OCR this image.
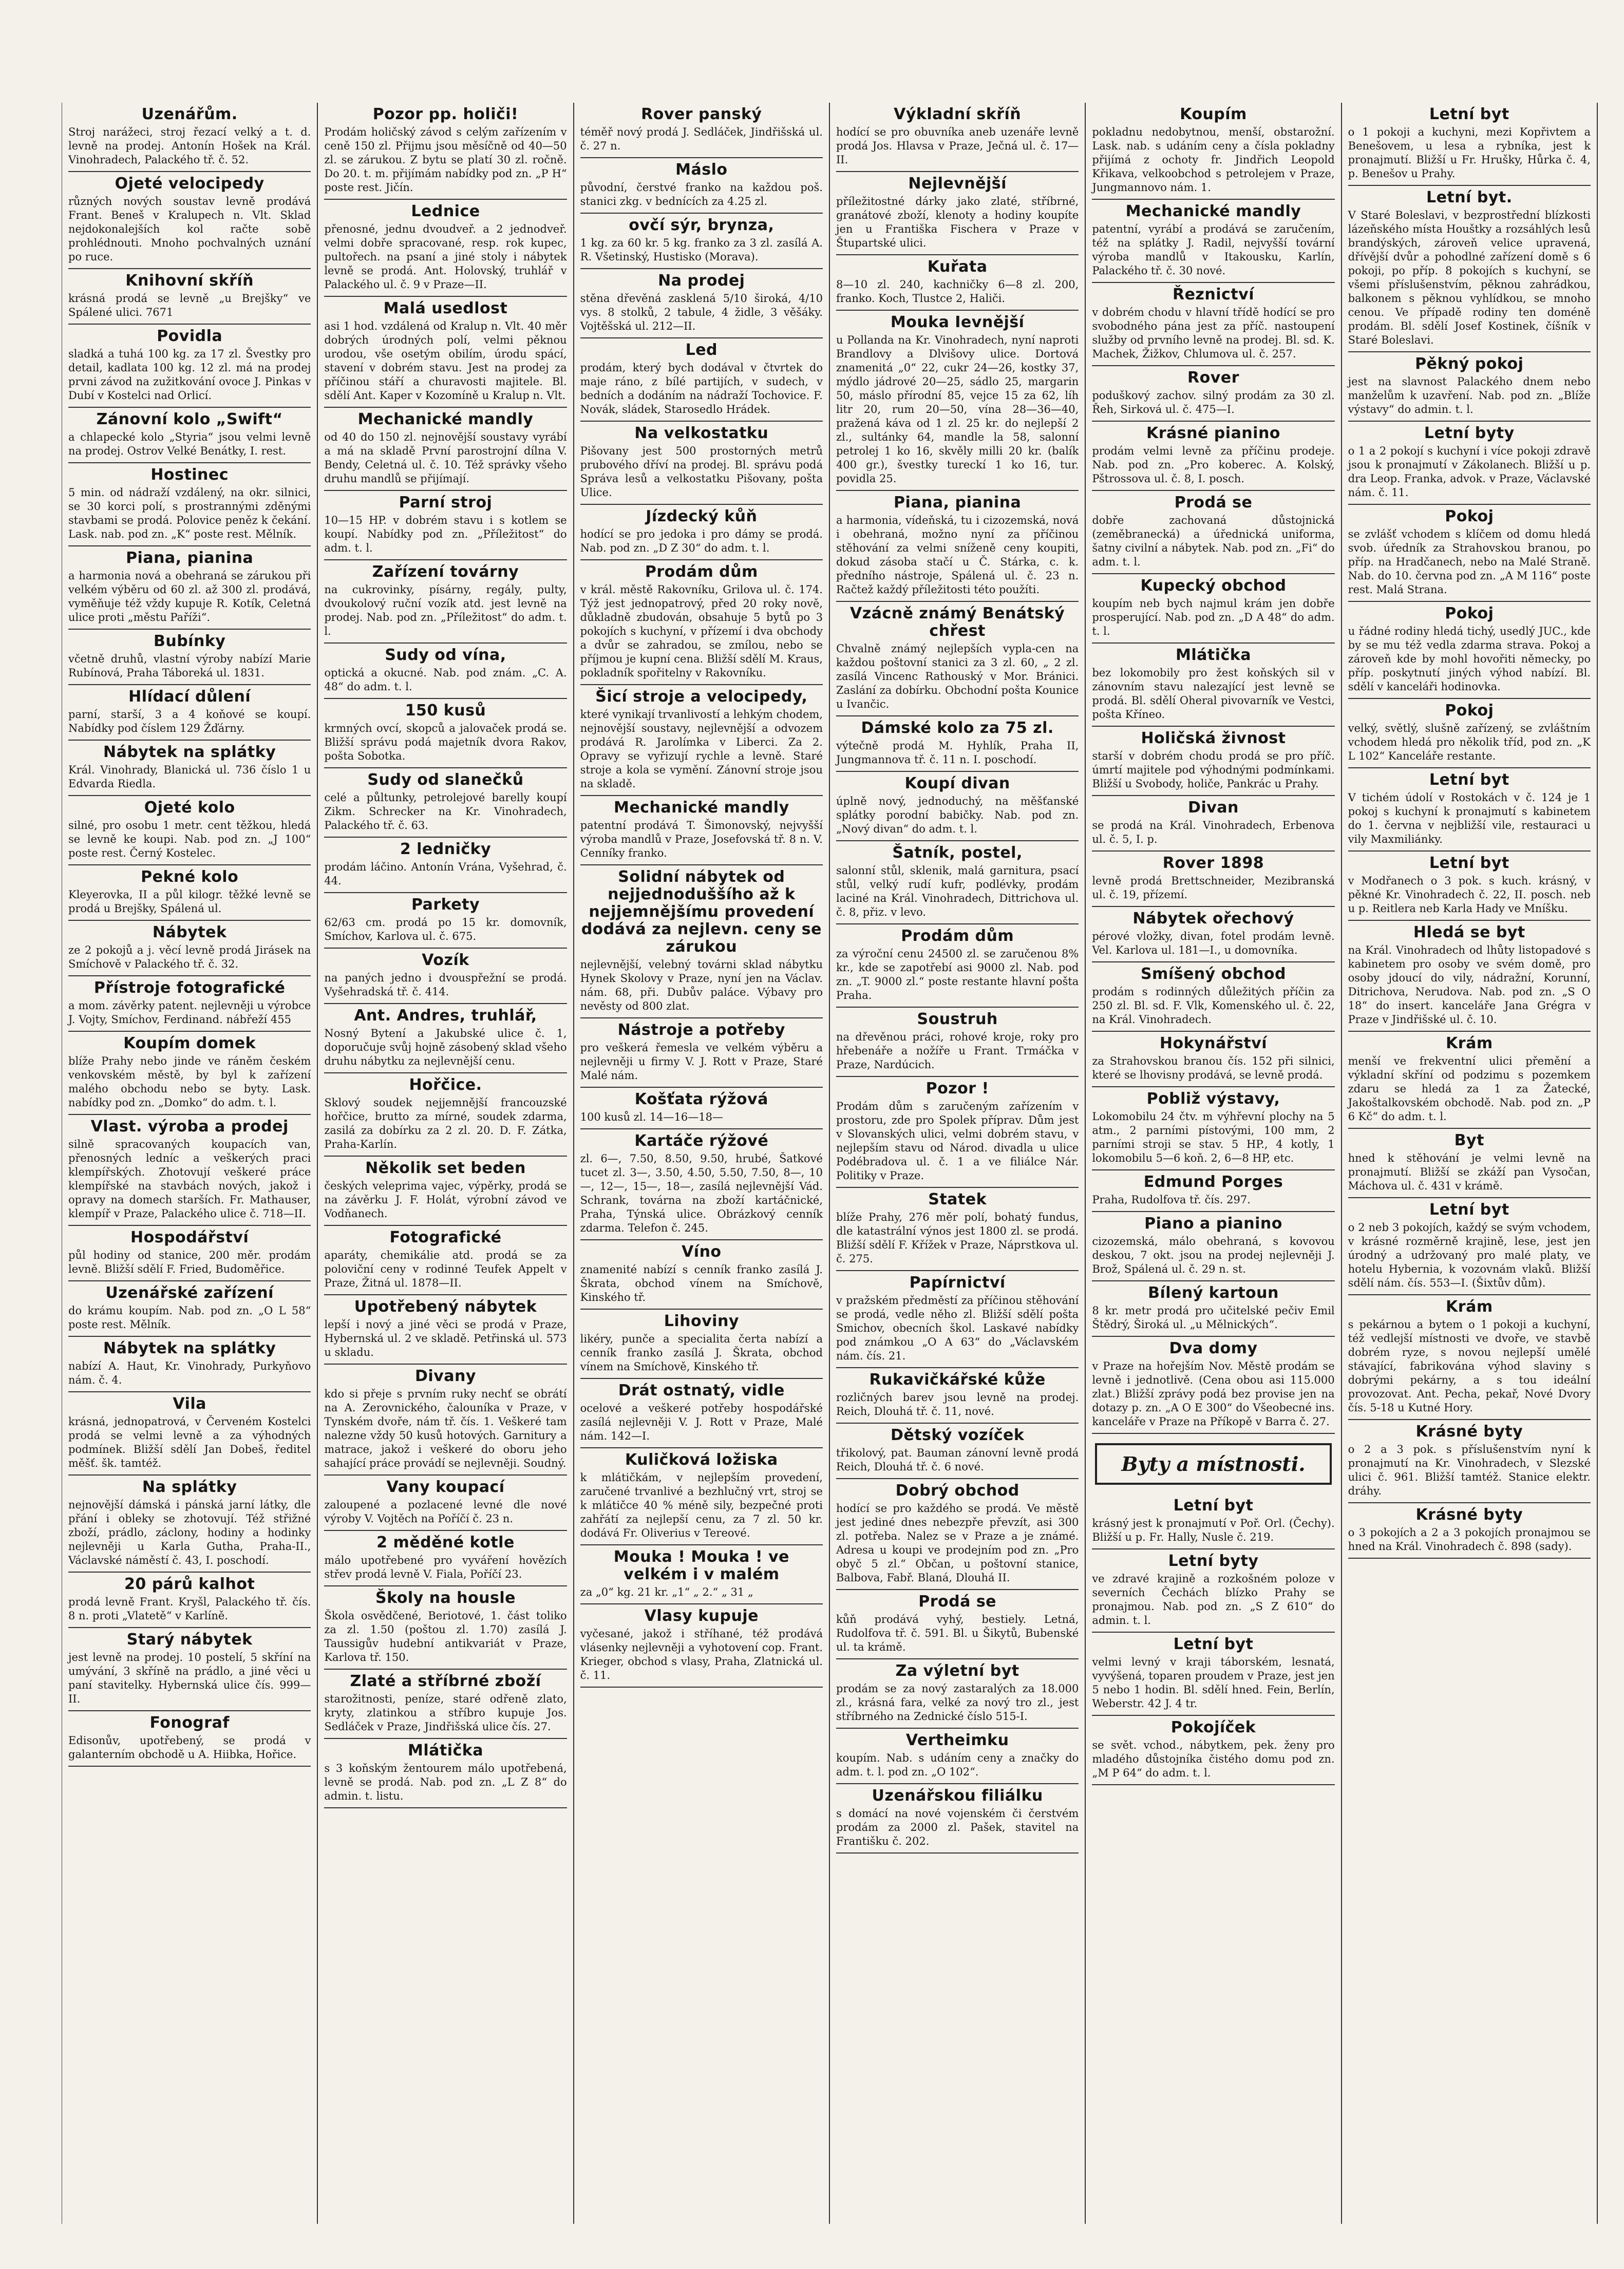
Uzenářům.

Stroj narážeci, stroj řezací velký a t. d. levně na prodej. Antonín Hošek na Král. Vinohradech, Palackého tř. č. 52.

Ojeté velocipedy

různých nových soustav levně prodává Frant. Beneš v Kralupech n. Vlt. Sklad nejdokonalejších kol račte sobě prohlédnouti. Mnoho pochvalných uznání po ruce.

Knihovní skříň

krásná prodá se levně „u Brejšky“ ve Spálené ulici. 7671

Povidla

sladká a tuhá 100 kg. za 17 zl. Švestky pro detail, kadlata 100 kg. 12 zl. má na prodej prvni závod na zužitkování ovoce J. Pinkas v Dubí v Kostelci nad Orlicí.

Zánovní kolo „Swift“

a chlapecké kolo „Styria“ jsou velmi levně na prodej. Ostrov Velké Benátky, I. rest.

Hostinec

5 min. od nádraží vzdálený, na okr. silnici, se 30 korci polí, s prostrannými zděnými stavbami se prodá. Polovice peněz k čekání. Lask. nab. pod zn. „K“ poste rest. Mělník.

Piana, pianina

a harmonia nová a obehraná se zárukou při velkém výběru od 60 zl. až 300 zl. prodává, vyměňuje též vždy kupuje R. Kotík, Celetná ulice proti „městu Paříži“.

Bubínky

včetně druhů, vlastní výroby nabízí Marie Rubínová, Praha Táboreká ul. 1831.

Hlídací důlení

parní, starší, 3 a 4 koňové se koupí. Nabídky pod číslem 129 Žďárny.

Nábytek na splátky

Král. Vinohrady, Blanická ul. 736 číslo 1 u Edvarda Riedla.

Ojeté kolo

silné, pro osobu 1 metr. cent těžkou, hledá se levně ke koupi. Nab. pod zn. „J 100“ poste rest. Černý Kostelec.

Pekné kolo

Kleyerovka, II a půl kilogr. těžké levně se prodá u Brejšky, Spálená ul.

Nábytek

ze 2 pokojů a j. věcí levně prodá Jirásek na Smíchově v Palackého tř. č. 32.

Přístroje fotografické

a mom. závěrky patent. nejlevněji u výrobce J. Vojty, Smíchov, Ferdinand. nábřeží 455

Koupím domek

blíže Prahy nebo jinde ve ráněm českém venkovském městě, by byl k zařízení malého obchodu nebo se byty. Lask. nabídky pod zn. „Domko“ do adm. t. l.

Vlast. výroba a prodej

silně spracovaných koupacích van, přenosných ledníc a veškerých praci klempířských. Zhotovují veškeré práce klempířské na stavbách nových, jakož i opravy na domech starších. Fr. Mathauser, klempíř v Praze, Palackého ulice č. 718—II.

Hospodářství

půl hodiny od stanice, 200 měr. prodám levně. Bližší sdělí F. Fried, Budoměřice.

Uzenářské zařízení

do krámu koupím. Nab. pod zn. „O L 58“ poste rest. Mělník.

Nábytek na splátky

nabízí A. Haut, Kr. Vinohrady, Purkyňovo nám. č. 4.

Vila

krásná, jednopatrová, v Červeném Kostelci prodá se velmi levně a za výhodných podmínek. Bližší sdělí Jan Dobeš, ředitel měšť. šk. tamtéž.

Na splátky

nejnovější dámská i pánská jarní látky, dle přání i obleky se zhotovují. Též střižné zboží, prádlo, záclony, hodiny a hodinky nejlevněji u Karla Gutha, Praha-II., Václavské náměstí č. 43, I. poschodí.

20 párů kalhot

prodá levně Frant. Kryšl, Palackého tř. čís. 8 n. proti „Vlatetě“ v Karlíně.

Starý nábytek

jest levně na prodej. 10 postelí, 5 skříní na umývání, 3 skříně na prádlo, a jiné věci u paní stavitelky. Hybernská ulice čís. 999—II.

Fonograf

Edisonův, upotřebený, se prodá v galanterním obchodě u A. Hiibka, Hořice.

Pozor pp. holiči!

Prodám holičský závod s celým zařízením v ceně 150 zl. Přijmu jsou měsíčně od 40—50 zl. se zárukou. Z bytu se platí 30 zl. ročně. Do 20. t. m. přijímám nabídky pod zn. „P H“ poste rest. Jičín.

Lednice

přenosné, jednu dvoudveř. a 2 jednodveř. velmi dobře spracované, resp. rok kupec, pultořech. na psaní a jiné stoly i nábytek levně se prodá. Ant. Holovský, truhlář v Palackého ul. č. 9 v Praze—II.

Malá usedlost

asi 1 hod. vzdálená od Kralup n. Vlt. 40 měr dobrých úrodných polí, velmi pěknou urodou, vše osetým obilím, úrodu spácí, stavení v dobrém stavu. Jest na prodej za příčinou stáří a churavosti majitele. Bl. sdělí Ant. Kaper v Kozomíně u Kralup n. Vlt.

Mechanické mandly

od 40 do 150 zl. nejnovější soustavy vyrábí a má na skladě První parostrojní dílna V. Bendy, Celetná ul. č. 10. Též správky všeho druhu mandlů se přijímají.

Parní stroj

10—15 HP. v dobrém stavu i s kotlem se koupí. Nabídky pod zn. „Příležitost“ do adm. t. l.

Zařízení továrny

na cukrovinky, písárny, regály, pulty, dvoukolový ruční vozík atd. jest levně na prodej. Nab. pod zn. „Příležitost“ do adm. t. l.

Sudy od vína,

optická a okucné. Nab. pod znám. „C. A. 48“ do adm. t. l.

150 kusů

krmných ovcí, skopců a jalovaček prodá se. Bližší správu podá majetník dvora Rakov, pošta Sobotka.

Sudy od slanečků

celé a půltunky, petrolejové barelly koupí Zikm. Schrecker na Kr. Vinohradech, Palackého tř. č. 63.

2 ledničky

prodám láčino. Antonín Vrána, Vyšehrad, č. 44.

Parkety

62/63 cm. prodá po 15 kr. domovník, Smíchov, Karlova ul. č. 675.

Vozík

na paných jedno i dvouspřežní se prodá. Vyšehradská tř. č. 414.

Ant. Andres, truhlář,

Nosný Bytení a Jakubské ulice č. 1, doporučuje svůj hojně zásobený sklad všeho druhu nábytku za nejlevnější cenu.

Hořčice.

Sklový soudek nejjemnější francouzské hořčice, brutto za mírné, soudek zdarma, zasilá za dobírku za 2 zl. 20. D. F. Zátka, Praha-Karlín.

Několik set beden

českých veleprima vajec, výpěrky, prodá se na závěrku J. F. Holát, výrobní závod ve Vodňanech.

Fotografické

aparáty, chemikálie atd. prodá se za poloviční ceny v rodinné Teufek Appelt v Praze, Žitná ul. 1878—II.

Upotřebený nábytek

lepší i nový a jiné věci se prodá v Praze, Hybernská ul. 2 ve skladě. Petřinská ul. 573 u skladu.

Divany

kdo si přeje s prvním ruky nechť se obrátí na A. Zerovnického, čalouníka v Praze, v Tynském dvoře, nám tř. čís. 1. Veškeré tam nalezne vždy 50 kusů hotových. Garnitury a matrace, jakož i veškeré do oboru jeho sahající práce provádí se nejlevněji. Soudný.

Vany koupací

zaloupené a pozlacené levné dle nové výroby V. Vojtěch na Poříčí č. 23 n.

2 měděné kotle

málo upotřebené pro vyváření hovězích střev prodá levně V. Fiala, Poříčí 23.

Školy na housle

Škola osvědčené, Beriotové, 1. část toliko za zl. 1.50 (poštou zl. 1.70) zasílá J. Taussigův hudební antikvariát v Praze, Karlova tř. 150.

Zlaté a stříbrné zboží

starožitnosti, peníze, staré odřeně zlato, kryty, zlatinkou a stříbro kupuje Jos. Sedláček v Praze, Jindřišská ulice čís. 27.

Mlátička

s 3 koňským žentourem málo upotřebená, levně se prodá. Nab. pod zn. „L Z 8“ do admin. t. listu.

Rover panský

téměř nový prodá J. Sedláček, Jindřišská ul. č. 27 n.

Máslo

původní, čerstvé franko na každou poš. stanici zkg. v bednících za 4.25 zl.

ovčí sýr, brynza,

1 kg. za 60 kr. 5 kg. franko za 3 zl. zasílá A. R. Všetinský, Hustisko (Morava).

Na prodej

stěna dřevěná zasklená 5/10 široká, 4/10 vys. 8 stolků, 2 tabule, 4 židle, 3 věšáky. Vojtěšská ul. 212—II.

Led

prodám, který bych dodával v čtvrtek do maje ráno, z bílé partijích, v sudech, v bedních a dodáním na nádraží Tochovice. F. Novák, sládek, Starosedlo Hrádek.

Na velkostatku

Pišovany jest 500 prostorných metrů prubového dříví na prodej. Bl. správu podá Správa lesů a velkostatku Pišovany, pošta Ulice.

Jízdecký kůň

hodící se pro jedoka i pro dámy se prodá. Nab. pod zn. „D Z 30“ do adm. t. l.

Prodám dům

v král. městě Rakovníku, Grilova ul. č. 174. Týž jest jednopatrový, před 20 roky nově, důkladně zbudován, obsahuje 5 bytů po 3 pokojích s kuchyní, v přízemí i dva obchody a dvůr se zahradou, se zmílou, nebo se příjmou je kupní cena. Bližší sdělí M. Kraus, pokladník spořitelny v Rakovníku.

Šicí stroje a velocipedy,

které vynikají trvanlivostí a lehkým chodem, nejnovější soustavy, nejlevnější a odvozem prodává R. Jarolímka v Liberci. Za 2. Opravy se vyřizují rychle a levně. Staré stroje a kola se vymění. Zánovní stroje jsou na skladě.

Mechanické mandly

patentní prodává T. Šimonovský, nejvyšší výroba mandlů v Praze, Josefovská tř. 8 n. V. Cenníky franko.

Solidní nábytek od nejjednoduššího až k nejjemnějšímu provedení dodává za nejlevn. ceny se zárukou

nejlevnější, velebný továrni sklad nábytku Hynek Skolovy v Praze, nyní jen na Václav. nám. 68, při. Dubův paláce. Výbavy pro nevěsty od 800 zlat.

Nástroje a potřeby

pro veškerá řemesla ve velkém výběru a nejlevněji u firmy V. J. Rott v Praze, Staré Malé nám.

Košťata rýžová

100 kusů zl. 14—16—18—

Kartáče rýžové

zl. 6—, 7.50, 8.50, 9.50, hrubé, Šatkové tucet zl. 3—, 3.50, 4.50, 5.50, 7.50, 8—, 10—, 12—, 15—, 18—, zasílá nejlevnější Vád. Schrank, továrna na zboží kartáčnické, Praha, Týnská ulice. Obrázkový cenník zdarma. Telefon č. 245.

Víno

znamenité nabízí s cenník franko zasílá J. Škrata, obchod vínem na Smíchově, Kinského tř.

Lihoviny

likéry, punče a specialita čerta nabízí a cenník franko zasílá J. Škrata, obchod vínem na Smíchově, Kinského tř.

Drát ostnatý, vidle

ocelové a veškeré potřeby hospodářské zasílá nejlevněji V. J. Rott v Praze, Malé nám. 142—I.

Kuličková ložiska

k mlátičkám, v nejlepším provedení, zaručené trvanlivé a bezhlučný vrt, stroj se k mlátičce 40 % méně sily, bezpečné proti zahřátí za nejlepší cenu, za 7 zl. 50 kr. dodává Fr. Oliverius v Tereové.

Mouka ! Mouka ! ve velkém i v malém

za „0“ kg. 21 kr. „1“ „ 2.“ „ 31 „

Vlasy kupuje

vyčesané, jakož i stříhané, též prodává vlásenky nejlevněji a vyhotovení cop. Frant. Krieger, obchod s vlasy, Praha, Zlatnická ul. č. 11.

Výkladní skříň

hodící se pro obuvníka aneb uzenáře levně prodá Jos. Hlavsa v Praze, Ječná ul. č. 17—II.

Nejlevnější

příležitostné dárky jako zlaté, stříbrné, granátové zboží, klenoty a hodiny koupíte jen u Františka Fischera v Praze v Štupartské ulici.

Kuřata

8—10 zl. 240, kachničky 6—8 zl. 200, franko. Koch, Tlustce 2, Haliči.

Mouka Ievnější

u Pollanda na Kr. Vinohradech, nyní naproti Brandlovy a Dlvišovy ulice. Dortová znamenitá „0“ 22, cukr 24—26, kostky 37, mýdlo jádrové 20—25, sádlo 25, margarin 50, máslo přírodní 85, vejce 15 za 62, líh litr 20, rum 20—50, vína 28—36—40, pražená káva od 1 zl. 25 kr. do nejlepší 2 zl., sultánky 64, mandle la 58, salonní petrolej 1 ko 16, skvěly milli 20 kr. (balík 400 gr.), švestky tureckí 1 ko 16, tur. povidla 25.

Piana, pianina

a harmonia, vídeňská, tu i cizozemská, nová i obehraná, možno nyní za příčinou stěhování za velmi sníženě ceny koupiti, dokud zásoba stačí u Č. Stárka, c. k. předního nástroje, Spálená ul. č. 23 n. Račtež každý příležitosti této použíti.

Vzácně známý Benátský chřest

Chvalně známý nejlepších vypla-cen na každou poštovní stanici za 3 zl. 60, „ 2 zl. zasílá Vincenc Rathouský v Mor. Bránici. Zaslání za dobírku. Obchodní pošta Kounice u Ivančic.

Dámské kolo za 75 zl.

výtečně prodá M. Hyhlík, Praha II, Jungmannova tř. č. 11 n. I. poschodí.

Koupí divan

úplně nový, jednoduchý, na měšťanské splátky porodní babičky. Nab. pod zn. „Nový divan“ do adm. t. l.

Šatník, postel,

salonní stůl, sklenik, malá garnitura, psací stůl, velký rudí kufr, podlévky, prodám laciné na Král. Vinohradech, Dittrichova ul. č. 8, přiz. v levo.

Prodám dům

za výroční cenu 24500 zl. se zaručenou 8% kr., kde se zapotřebí asi 9000 zl. Nab. pod zn. „T. 9000 zl.“ poste restante hlavní pošta Praha.

Soustruh

na dřevěnou práci, rohové kroje, roky pro hřebenáře a nožíře u Frant. Trmáčka v Praze, Nardúcich.

Pozor !

Prodám dům s zaručeným zařízením v prostoru, zde pro Spolek příprav. Dům jest v Slovanských ulici, velmi dobrém stavu, v nejlepším stavu od Národ. divadla u ulice Podébradova ul. č. 1 a ve filiálce Nár. Politiky v Praze.

Statek

blíže Prahy, 276 měr polí, bohatý fundus, dle katastrální výnos jest 1800 zl. se prodá. Bližší sdělí F. Křížek v Praze, Náprstkova ul. č. 275.

Papírnictví

v pražském předměstí za příčinou stěhování se prodá, vedle něho zl. Bližší sdělí pošta Smichov, obecních škol. Laskavé nabídky pod známkou „O A 63“ do „Václavském nám. čís. 21.

Rukavičkářské kůže

rozličných barev jsou levně na prodej. Reich, Dlouhá tř. č. 11, nové.

Dětský vozíček

třikolový, pat. Bauman zánovní levně prodá Reich, Dlouhá tř. č. 6 nové.

Dobrý obchod

hodící se pro každého se prodá. Ve městě jest jediné dnes nebezpře převzít, asi 300 zl. potřeba. Nalez se v Praze a je známé. Adresa u koupi ve prodejním pod zn. „Pro obyč 5 zl.“ Občan, u poštovní stanice, Balbova, Fabř. Blaná, Dlouhá II.

Prodá se

kůň prodává vyhý, bestiely. Letná, Rudolfova tř. č. 591. Bl. u Šikytů, Bubenské ul. ta krámě.

Za výletní byt

prodám se za nový zastaralých za 18.000 zl., krásná fara, velké za nový tro zl., jest stříbrného na Zednické číslo 515-I.

Vertheimku

koupím. Nab. s udáním ceny a značky do adm. t. l. pod zn. „O 102“.

Uzenářskou filiálku

s domácí na nové vojenském či čerstvém prodám za 2000 zl. Pašek, stavitel na Františku č. 202.

Koupím

pokladnu nedobytnou, menší, obstarožní. Lask. nab. s udáním ceny a čísla pokladny přijímá z ochoty fr. Jindřich Leopold Křikava, velkoobchod s petrolejem v Praze, Jungmannovo nám. 1.

Mechanické mandly

patentní, vyrábí a prodává se zaručením, též na splátky J. Radil, nejvyšší tovární výroba mandlů v Itakousku, Karlín, Palackého tř. č. 30 nové.

Řeznictví

v dobrém chodu v hlavní třídě hodící se pro svobodného pána jest za příč. nastoupení služby od prvního levně na prodej. Bl. sd. K. Machek, Žižkov, Chlumova ul. č. 257.

Rover

poduškový zachov. silný prodám za 30 zl. Řeh, Sirková ul. č. 475—I.

Krásné pianino

prodám velmi levně za příčinu prodeje. Nab. pod zn. „Pro koberec. A. Kolský, Pštrossova ul. č. 8, I. posch.

Prodá se

dobře zachovaná důstojnická (zeměbranecká) a úřednická uniforma, šatny civilní a nábytek. Nab. pod zn. „Fi“ do adm. t. l.

Kupecký obchod

koupím neb bych najmul krám jen dobře prosperující. Nab. pod zn. „D A 48“ do adm. t. l.

Mlátička

bez lokomobily pro žest koňských sil v zánovním stavu nalezající jest levně se prodá. Bl. sdělí Oheral pivovarník ve Vestci, pošta Kříneo.

Holičská živnost

starší v dobrém chodu prodá se pro příč. úmrtí majitele pod výhodnými podmínkami. Bližší u Svobody, holiče, Pankrác u Prahy.

Divan

se prodá na Král. Vinohradech, Erbenova ul. č. 5, I. p.

Rover 1898

levně prodá Brettschneider, Mezibranská ul. č. 19, přízemí.

Nábytek ořechový

pérové vložky, divan, fotel prodám levně. Vel. Karlova ul. 181—I., u domovníka.

Smíšený obchod

prodám s rodinných důležitých příčin za 250 zl. Bl. sd. F. Vlk, Komenského ul. č. 22, na Král. Vinohradech.

Hokynářství

za Strahovskou branou čís. 152 při silnici, které se lhovisny prodává, se levně prodá.

Pobliž výstavy,

Lokomobilu 24 čtv. m výhřevní plochy na 5 atm., 2 parními pístovými, 100 mm, 2 parními stroji se stav. 5 HP., 4 kotly, 1 lokomobilu 5—6 koň. 2, 6—8 HP, etc.

Edmund Porges

Praha, Rudolfova tř. čís. 297.

Piano a pianino

cizozemská, málo obehraná, s kovovou deskou, 7 okt. jsou na prodej nejlevněji J. Brož, Spálená ul. č. 29 n. st.

Bílený kartoun

8 kr. metr prodá pro učitelské pečiv Emil Štědrý, Široká ul. „u Mělnických“.

Dva domy

v Praze na hořejším Nov. Městě prodám se levně i jednotlivě. (Cena obou asi 115.000 zlat.) Bližší zprávy podá bez provise jen na dotazy p. zn. „A O E 300“ do Všeobecné ins. kanceláře v Praze na Příkopě v Barra č. 27.

Byty a místnosti.
Letní byt

krásný jest k pronajmutí v Poř. Orl. (Čechy). Bližší u p. Fr. Hally, Nusle č. 219.

Letní byty

ve zdravé krajině a rozkošném poloze v severních Čechách blízko Prahy se pronajmou. Nab. pod zn. „S Z 610“ do admin. t. l.

Letní byt

velmi levný v kraji táborském, lesnatá, vyvýšená, toparen proudem v Praze, jest jen 5 nebo 1 hodin. Bl. sdělí hned. Fein, Berlín, Weberstr. 42 J. 4 tr.

Pokojíček

se svět. vchod., nábytkem, pek. ženy pro mladého důstojníka čistého domu pod zn. „M P 64“ do adm. t. l.

Letní byt

o 1 pokoji a kuchyni, mezi Kopřivtem a Benešovem, u lesa a rybníka, jest k pronajmutí. Bližší u Fr. Hrušky, Hůrka č. 4, p. Benešov u Prahy.

Letní byt.

V Staré Boleslavi, v bezprostřední blízkosti lázeňského místa Houštky a rozsáhlých lesů brandýských, zároveň velice upravená, dřívější dvůr a pohodlné zařízení domě s 6 pokoji, po příp. 8 pokojích s kuchyní, se všemi příslušenstvím, pěknou zahrádkou, balkonem s pěknou vyhlídkou, se mnoho cenou. Ve případě rodiny ten doméně prodám. Bl. sdělí Josef Kostinek, číšník v Staré Boleslavi.

Pěkný pokoj

jest na slavnost Palackého dnem nebo manželům k uzavření. Nab. pod zn. „Blíže výstavy“ do admin. t. l.

Letní byty

o 1 a 2 pokojí s kuchyní i více pokoji zdravě jsou k pronajmutí v Zákolanech. Bližší u p. dra Leop. Franka, advok. v Praze, Václavské nám. č. 11.

Pokoj

se zvlášť vchodem s klíčem od domu hledá svob. úředník za Strahovskou branou, po příp. na Hradčanech, nebo na Malé Straně. Nab. do 10. června pod zn. „A M 116“ poste rest. Malá Strana.

Pokoj

u řádné rodiny hledá tichý, usedlý JUC., kde by se mu též vedla zdarma strava. Pokoj a zároveň kde by mohl hovořiti německy, po příp. poskytnutí jiných výhod nabízí. Bl. sdělí v kanceláři hodinovka.

Pokoj

velký, světlý, slušně zařízený, se zvláštním vchodem hledá pro několik tříd, pod zn. „K L 102“ Kanceláře restante.

Letní byt

V tichém údolí v Rostokách v č. 124 je 1 pokoj s kuchyní k pronajmutí s kabinetem do 1. června v nejbližší vile, restauraci u vily Maxmiliánky.

Letní byt

v Modřanech o 3 pok. s kuch. krásný, v pěkné Kr. Vinohradech č. 22, II. posch. neb u p. Reitlera neb Karla Hady ve Mníšku.

Hledá se byt

na Král. Vinohradech od lhůty listopadové s kabinetem pro osoby ve svém domě, pro osoby jdoucí do vily, nádražní, Korunní, Ditrichova, Nerudova. Nab. pod zn. „S O 18“ do insert. kanceláře Jana Grégra v Praze v Jindřišské ul. č. 10.

Krám

menší ve frekventní ulici přemění a výkladní skříní od podzimu s pozemkem zdaru se hledá za 1 za Žatecké, Jakoštalkovském obchodě. Nab. pod zn. „P 6 Kč“ do adm. t. l.

Byt

hned k stěhování je velmi levně na pronajmutí. Bližší se zkáží pan Vysočan, Máchova ul. č. 431 v krámě.

Letní byt

o 2 neb 3 pokojích, každý se svým vchodem, v krásné rozměrně krajině, lese, jest jen úrodný a udržovaný pro malé platy, ve hotelu Hybernia, k vozovnám vlaků. Bližší sdělí nám. čís. 553—I. (Šixtův dům).

Krám

s pekárnou a bytem o 1 pokoji a kuchyní, též vedlejší místnosti ve dvoře, ve stavbě dobrém ryze, s novou nejlepší umělé stávající, fabrikována výhod slaviny s dobrými pekárny, a s tou ideální provozovat. Ant. Pecha, pekař, Nové Dvory čís. 5-18 u Kutné Hory.

Krásné byty

o 2 a 3 pok. s příslušenstvím nyní k pronajmutí na Kr. Vinohradech, v Slezské ulici č. 961. Bližší tamtéž. Stanice elektr. dráhy.

Krásné byty

o 3 pokojích a 2 a 3 pokojích pronajmou se hned na Král. Vinohradech č. 898 (sady).
